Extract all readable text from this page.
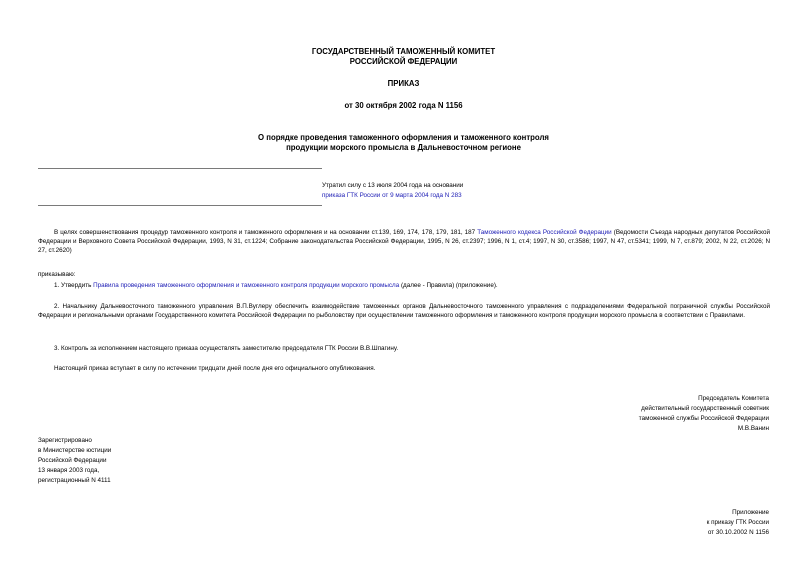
ГОСУДАРСТВЕННЫЙ ТАМОЖЕННЫЙ КОМИТЕТ
РОССИЙСКОЙ ФЕДЕРАЦИИ
ПРИКАЗ
от 30 октября 2002 года N 1156
О порядке проведения таможенного оформления и таможенного контроля
продукции морского промысла в Дальневосточном регионе
Утратил силу с 13 июля 2004 года на основании
приказа ГТК России от 9 марта 2004 года N 283
В целях совершенствования процедур таможенного контроля и таможенного оформления и на основании ст.139, 169, 174, 178, 179, 181, 187 Таможенного кодекса Российской Федерации (Ведомости Съезда народных депутатов Российской Федерации и Верховного Совета Российской Федерации, 1993, N 31, ст.1224; Собрание законодательства Российской Федерации, 1995, N 26, ст.2397; 1996, N 1, ст.4; 1997, N 30, ст.3586; 1997, N 47, ст.5341; 1999, N 7, ст.879; 2002, N 22, ст.2026; N 27, ст.2620)
приказываю:
1. Утвердить Правила проведения таможенного оформления и таможенного контроля продукции морского промысла (далее - Правила) (приложение).
2. Начальнику Дальневосточного таможенного управления В.П.Вуглеру обеспечить взаимодействие таможенных органов Дальневосточного таможенного управления с подразделениями Федеральной пограничной службы Российской Федерации и региональными органами Государственного комитета Российской Федерации по рыболовству при осуществлении таможенного оформления и таможенного контроля продукции морского промысла в соответствии с Правилами.
3. Контроль за исполнением настоящего приказа осуществлять заместителю председателя ГТК России В.В.Шпагину.
Настоящий приказ вступает в силу по истечении тридцати дней после дня его официального опубликования.
Председатель Комитета
действительный государственный советник
таможенной службы Российской Федерации
М.В.Ванин
Зарегистрировано
в Министерстве юстиции
Российской Федерации
13 января 2003 года,
регистрационный N 4111
Приложение
к приказу ГТК России
от 30.10.2002 N 1156
